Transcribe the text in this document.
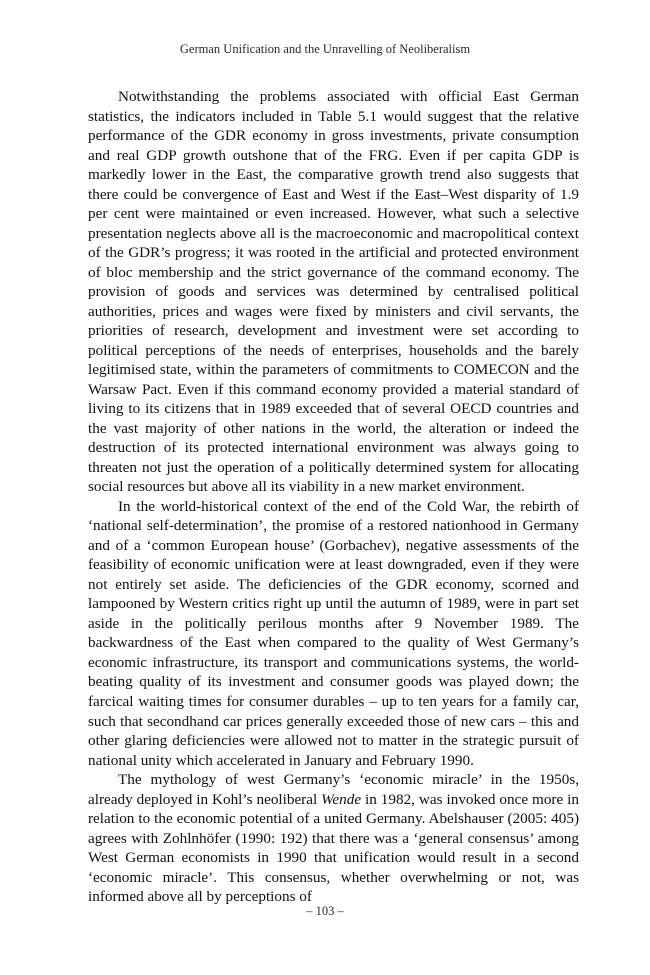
German Unification and the Unravelling of Neoliberalism

Notwithstanding the problems associated with official East German statistics, the indicators included in Table 5.1 would suggest that the relative performance of the GDR economy in gross investments, private consumption and real GDP growth outshone that of the FRG. Even if per capita GDP is markedly lower in the East, the comparative growth trend also suggests that there could be convergence of East and West if the East–West disparity of 1.9 per cent were maintained or even increased. However, what such a selective presentation neglects above all is the macroeconomic and macropolitical context of the GDR’s progress; it was rooted in the artificial and protected environment of bloc membership and the strict governance of the command economy. The provision of goods and services was determined by centralised political authorities, prices and wages were fixed by ministers and civil servants, the priorities of research, development and investment were set according to political perceptions of the needs of enterprises, households and the barely legitimised state, within the parameters of commitments to COMECON and the Warsaw Pact. Even if this command economy provided a material standard of living to its citizens that in 1989 exceeded that of several OECD countries and the vast majority of other nations in the world, the alteration or indeed the destruction of its protected international environment was always going to threaten not just the operation of a politically determined system for allocating social resources but above all its viability in a new market environment.

In the world-historical context of the end of the Cold War, the rebirth of ‘national self-determination’, the promise of a restored nationhood in Germany and of a ‘common European house’ (Gorbachev), negative assessments of the feasibility of economic unification were at least downgraded, even if they were not entirely set aside. The deficiencies of the GDR economy, scorned and lampooned by Western critics right up until the autumn of 1989, were in part set aside in the politically perilous months after 9 November 1989. The backwardness of the East when compared to the quality of West Germany’s economic infrastructure, its transport and communications systems, the world-beating quality of its investment and consumer goods was played down; the farcical waiting times for consumer durables – up to ten years for a family car, such that secondhand car prices generally exceeded those of new cars – this and other glaring deficiencies were allowed not to matter in the strategic pursuit of national unity which accelerated in January and February 1990.

The mythology of west Germany’s ‘economic miracle’ in the 1950s, already deployed in Kohl’s neoliberal Wende in 1982, was invoked once more in relation to the economic potential of a united Germany. Abelshauser (2005: 405) agrees with Zohlnhöfer (1990: 192) that there was a ‘general consensus’ among West German economists in 1990 that unification would result in a second ‘economic miracle’. This consensus, whether overwhelming or not, was informed above all by perceptions of

– 103 –
